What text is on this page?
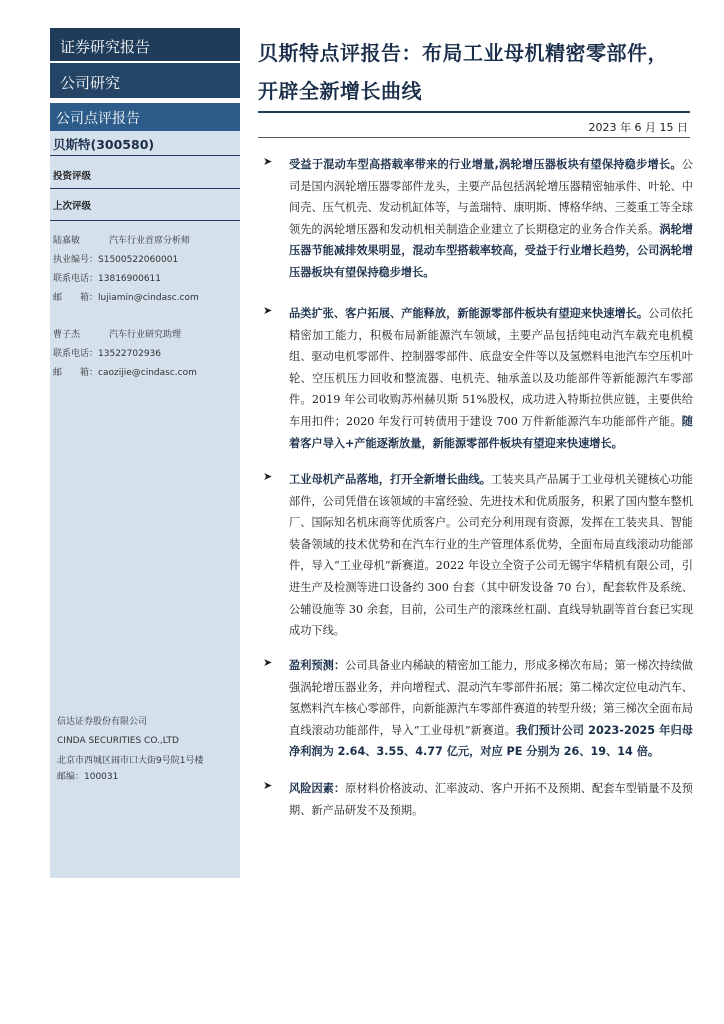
证券研究报告
公司研究
公司点评报告
贝斯特(300580)
投资评级
上次评级
陆嘉敏	汽车行业首席分析师
执业编号：S1500522060001
联系电话：13816900611
邮　　箱：lujiamin@cindasc.com
曹子杰	汽车行业研究助理
联系电话：13522702936
邮　　箱：caozijie@cindasc.com
信达证券股份有限公司
CINDA SECURITIES CO.,LTD
北京市西城区闹市口大街9号院1号楼
邮编：100031
贝斯特点评报告：布局工业母机精密零部件，开辟全新增长曲线
2023 年 6 月 15 日
➤ 受益于混动车型高搭载率带来的行业增量,涡轮增压器板块有望保持稳步增长。公司是国内涡轮增压器零部件龙头，主要产品包括涡轮增压器精密轴承件、叶轮、中间壳、压气机壳、发动机缸体等，与盖瑞特、康明斯、博格华纳、三菱重工等全球领先的涡轮增压器和发动机相关制造企业建立了长期稳定的业务合作关系。涡轮增压器节能减排效果明显，混动车型搭载率较高，受益于行业增长趋势，公司涡轮增压器板块有望保持稳步增长。
➤ 品类扩张、客户拓展、产能释放，新能源零部件板块有望迎来快速增长。公司依托精密加工能力，积极布局新能源汽车领域，主要产品包括纯电动汽车载充电机模组、驱动电机零部件、控制器零部件、底盘安全件等以及氢燃料电池汽车空压机叶轮、空压机压力回收和整流器、电机壳、轴承盖以及功能部件等新能源汽车零部件。2019 年公司收购苏州赫贝斯 51%股权，成功进入特斯拉供应链，主要供给车用扣件；2020 年发行可转债用于建设 700 万件新能源汽车功能部件产能。随着客户导入+产能逐渐放量，新能源零部件板块有望迎来快速增长。
➤ 工业母机产品落地，打开全新增长曲线。工装夹具产品属于工业母机关键核心功能部件，公司凭借在该领域的丰富经验、先进技术和优质服务，积累了国内整车整机厂、国际知名机床商等优质客户。公司充分利用现有资源，发挥在工装夹具、智能装备领域的技术优势和在汽车行业的生产管理体系优势，全面布局直线滚动功能部件，导入“工业母机”新赛道。2022 年设立全资子公司无锡宇华精机有限公司，引进生产及检测等进口设备约 300 台套（其中研发设备 70 台），配套软件及系统、公辅设施等 30 余套，目前，公司生产的滚珠丝杠副、直线导轨副等首台套已实现成功下线。
➤ 盈利预测：公司具备业内稀缺的精密加工能力，形成多梯次布局；第一梯次持续做强涡轮增压器业务，并向增程式、混动汽车零部件拓展；第二梯次定位电动汽车、氢燃料汽车核心零部件，向新能源汽车零部件赛道的转型升级；第三梯次全面布局直线滚动功能部件，导入“工业母机”新赛道。我们预计公司 2023-2025 年归母净利润为 2.64、3.55、4.77 亿元，对应 PE 分别为 26、19、14 倍。
➤ 风险因素：原材料价格波动、汇率波动、客户开拓不及预期、配套车型销量不及预期、新产品研发不及预期。
